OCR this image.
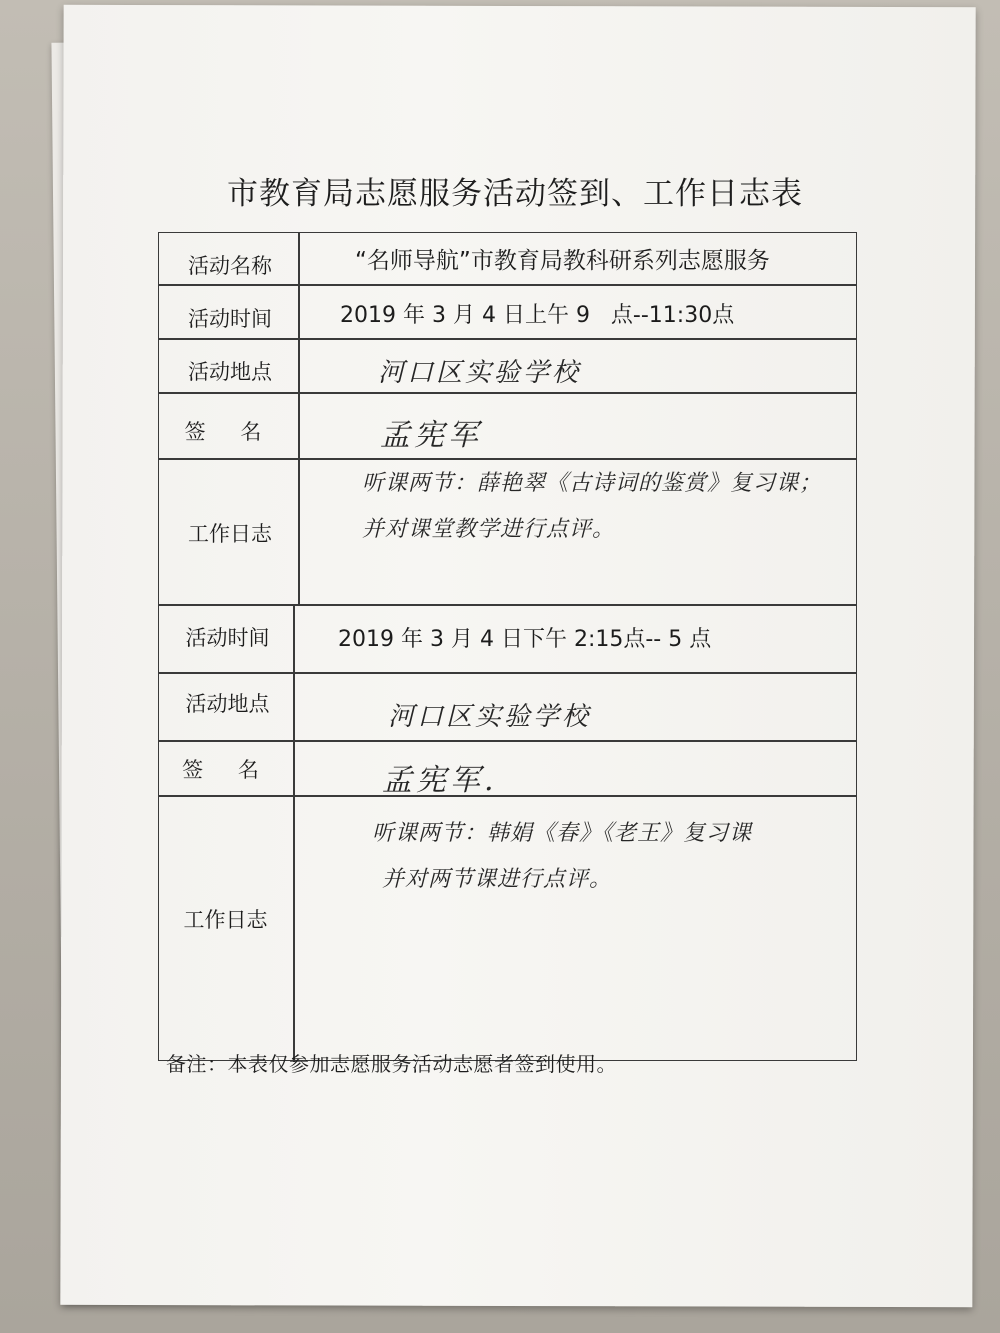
市教育局志愿服务活动签到、工作日志表
活动名称	“名师导航”市教育局教科研系列志愿服务
活动时间	2019 年 3 月 4 日上午 9   点--11:30点
活动地点	河口区实验学校
签 名	孟宪军
工作日志
听课两节：薛艳翠《古诗词的鉴赏》复习课；
并对课堂教学进行点评。
活动时间	2019 年 3 月 4 日下午 2:15点-- 5 点
活动地点	河口区实验学校
签 名	孟宪军.
工作日志
听课两节：韩娟《春》《老王》复习课
并对两节课进行点评。
备注：本表仅参加志愿服务活动志愿者签到使用。
